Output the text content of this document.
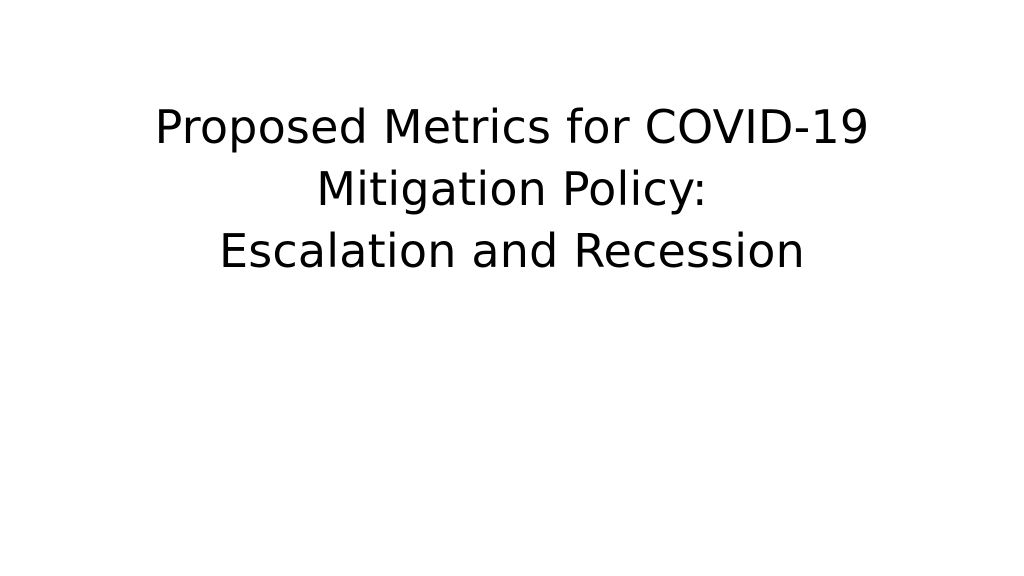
Proposed Metrics for COVID-19
Mitigation Policy:
Escalation and Recession
